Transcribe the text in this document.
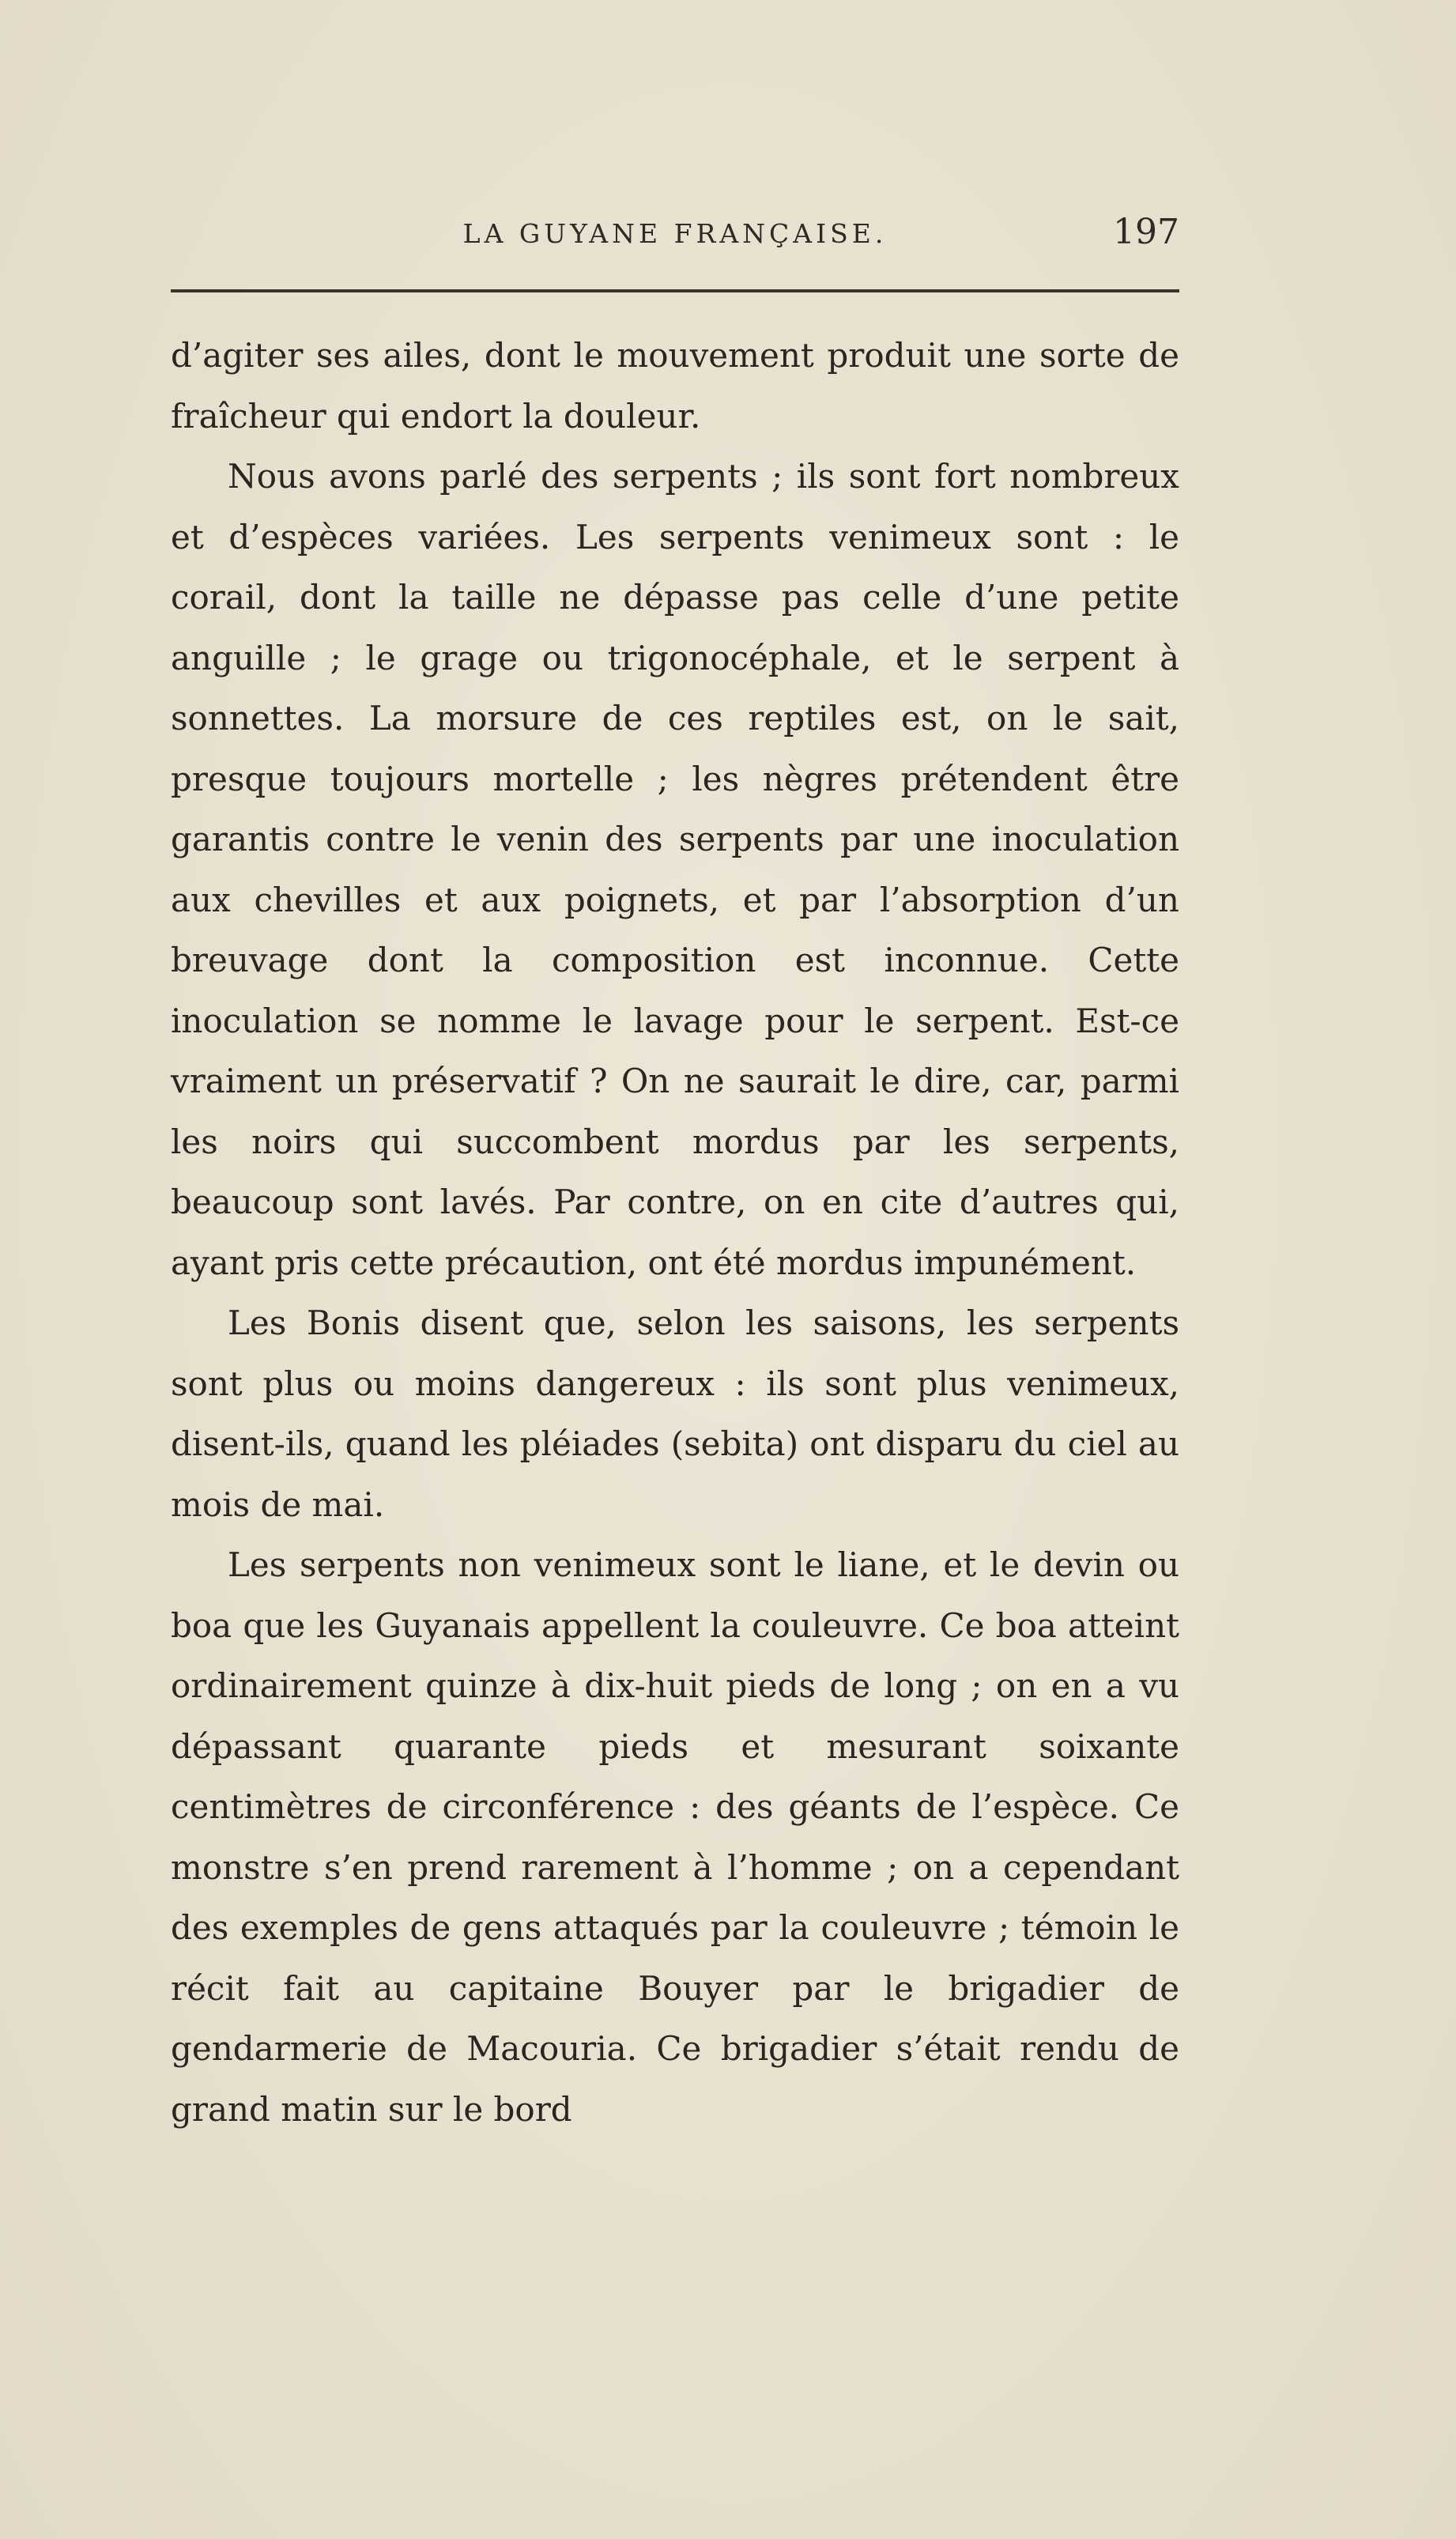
LA GUYANE FRANÇAISE.	197

d’agiter ses ailes, dont le mouvement produit une sorte de fraîcheur qui endort la douleur.

Nous avons parlé des serpents ; ils sont fort nombreux et d’espèces variées. Les serpents venimeux sont : le corail, dont la taille ne dépasse pas celle d’une petite anguille ; le grage ou trigonocéphale, et le serpent à sonnettes. La morsure de ces reptiles est, on le sait, presque toujours mortelle ; les nègres prétendent être garantis contre le venin des serpents par une inoculation aux chevilles et aux poignets, et par l’absorption d’un breuvage dont la composition est inconnue. Cette inoculation se nomme le lavage pour le serpent. Est-ce vraiment un préservatif ? On ne saurait le dire, car, parmi les noirs qui succombent mordus par les serpents, beaucoup sont lavés. Par contre, on en cite d’autres qui, ayant pris cette précaution, ont été mordus impunément.

Les Bonis disent que, selon les saisons, les serpents sont plus ou moins dangereux : ils sont plus venimeux, disent-ils, quand les pléiades (sebita) ont disparu du ciel au mois de mai.

Les serpents non venimeux sont le liane, et le devin ou boa que les Guyanais appellent la couleuvre. Ce boa atteint ordinairement quinze à dix-huit pieds de long ; on en a vu dépassant quarante pieds et mesurant soixante centimètres de circonférence : des géants de l’espèce. Ce monstre s’en prend rarement à l’homme ; on a cependant des exemples de gens attaqués par la couleuvre ; témoin le récit fait au capitaine Bouyer par le brigadier de gendarmerie de Macouria. Ce brigadier s’était rendu de grand matin sur le bord
